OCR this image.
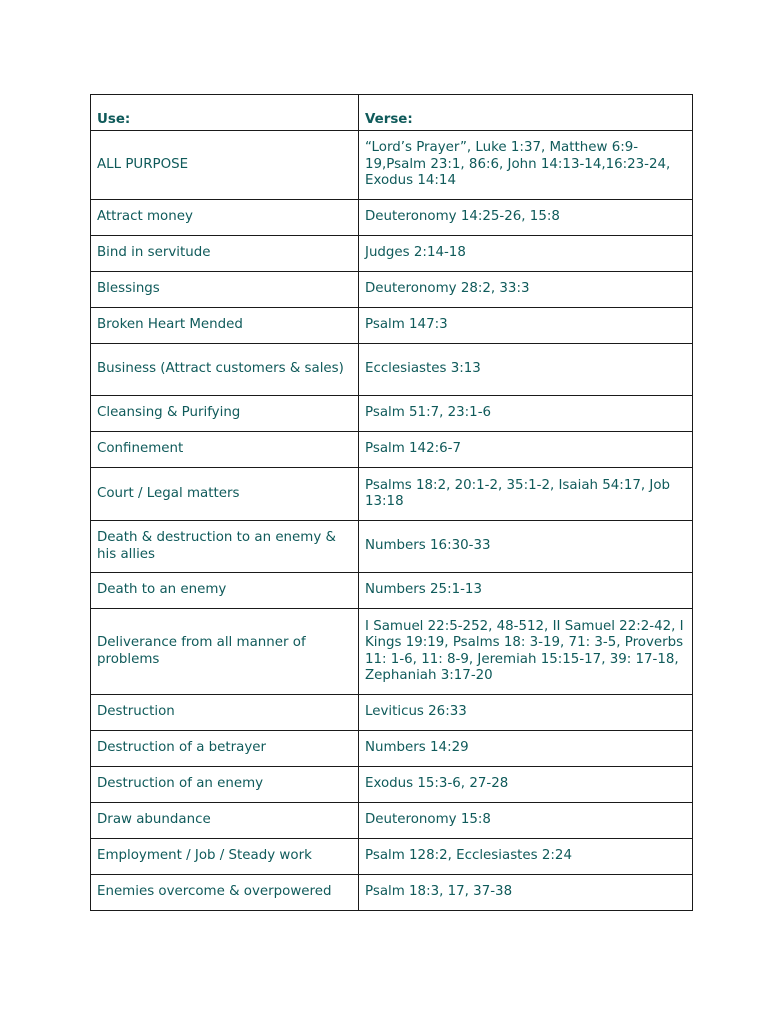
Use:	Verse:
ALL PURPOSE	“Lord’s Prayer”, Luke 1:37, Matthew 6:9-19,Psalm 23:1, 86:6, John 14:13-14,16:23-24, Exodus 14:14
Attract money	Deuteronomy 14:25-26, 15:8
Bind in servitude	Judges 2:14-18
Blessings	Deuteronomy 28:2, 33:3
Broken Heart Mended	Psalm 147:3
Business (Attract customers & sales)	Ecclesiastes 3:13
Cleansing & Purifying	Psalm 51:7, 23:1-6
Confinement	Psalm 142:6-7
Court / Legal matters	Psalms 18:2, 20:1-2, 35:1-2, Isaiah 54:17, Job 13:18
Death & destruction to an enemy & his allies	Numbers 16:30-33
Death to an enemy	Numbers 25:1-13
Deliverance from all manner of problems	I Samuel 22:5-252, 48-512, II Samuel 22:2-42, I Kings 19:19, Psalms 18: 3-19, 71: 3-5, Proverbs 11: 1-6, 11: 8-9, Jeremiah 15:15-17, 39: 17-18, Zephaniah 3:17-20
Destruction	Leviticus 26:33
Destruction of a betrayer	Numbers 14:29
Destruction of an enemy	Exodus 15:3-6, 27-28
Draw abundance	Deuteronomy 15:8
Employment / Job / Steady work	Psalm 128:2, Ecclesiastes 2:24
Enemies overcome & overpowered	Psalm 18:3, 17, 37-38
